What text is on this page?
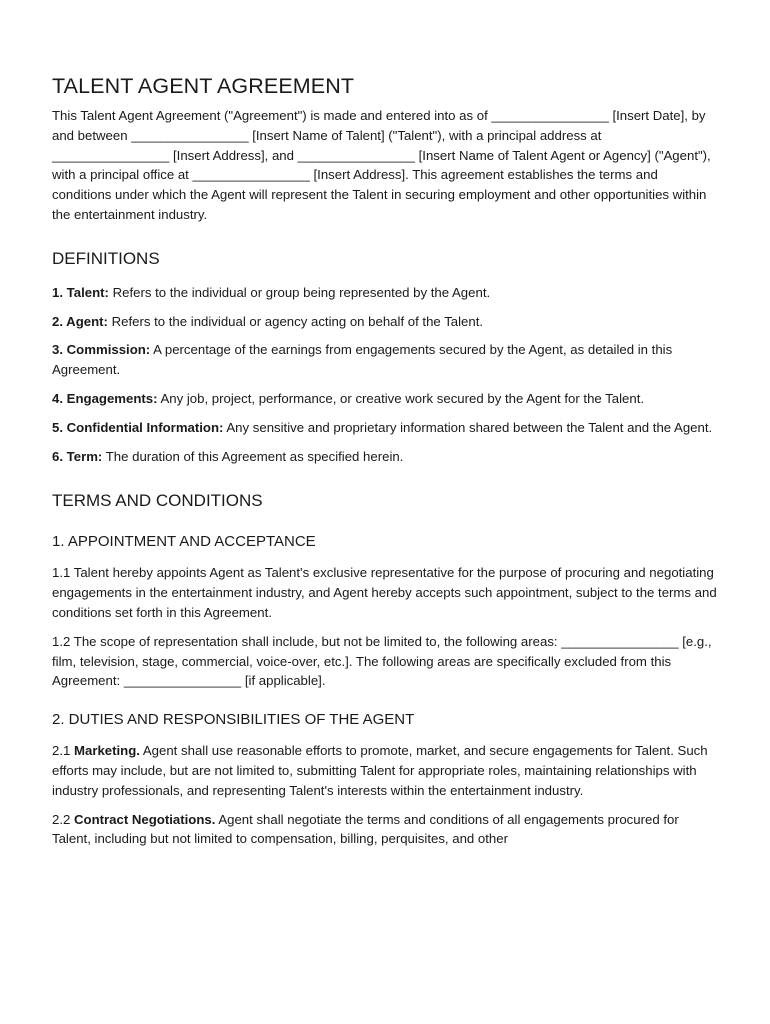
TALENT AGENT AGREEMENT

This Talent Agent Agreement ("Agreement") is made and entered into as of ________________ [Insert Date], by and between ________________ [Insert Name of Talent] ("Talent"), with a principal address at ________________ [Insert Address], and ________________ [Insert Name of Talent Agent or Agency] ("Agent"), with a principal office at ________________ [Insert Address]. This agreement establishes the terms and conditions under which the Agent will represent the Talent in securing employment and other opportunities within the entertainment industry.

DEFINITIONS

1. Talent: Refers to the individual or group being represented by the Agent.

2. Agent: Refers to the individual or agency acting on behalf of the Talent.

3. Commission: A percentage of the earnings from engagements secured by the Agent, as detailed in this Agreement.

4. Engagements: Any job, project, performance, or creative work secured by the Agent for the Talent.

5. Confidential Information: Any sensitive and proprietary information shared between the Talent and the Agent.

6. Term: The duration of this Agreement as specified herein.

TERMS AND CONDITIONS
1. APPOINTMENT AND ACCEPTANCE

1.1 Talent hereby appoints Agent as Talent's exclusive representative for the purpose of procuring and negotiating engagements in the entertainment industry, and Agent hereby accepts such appointment, subject to the terms and conditions set forth in this Agreement.

1.2 The scope of representation shall include, but not be limited to, the following areas: ________________ [e.g., film, television, stage, commercial, voice-over, etc.]. The following areas are specifically excluded from this Agreement: ________________ [if applicable].

2. DUTIES AND RESPONSIBILITIES OF THE AGENT

2.1 Marketing. Agent shall use reasonable efforts to promote, market, and secure engagements for Talent. Such efforts may include, but are not limited to, submitting Talent for appropriate roles, maintaining relationships with industry professionals, and representing Talent's interests within the entertainment industry.

2.2 Contract Negotiations. Agent shall negotiate the terms and conditions of all engagements procured for Talent, including but not limited to compensation, billing, perquisites, and other
